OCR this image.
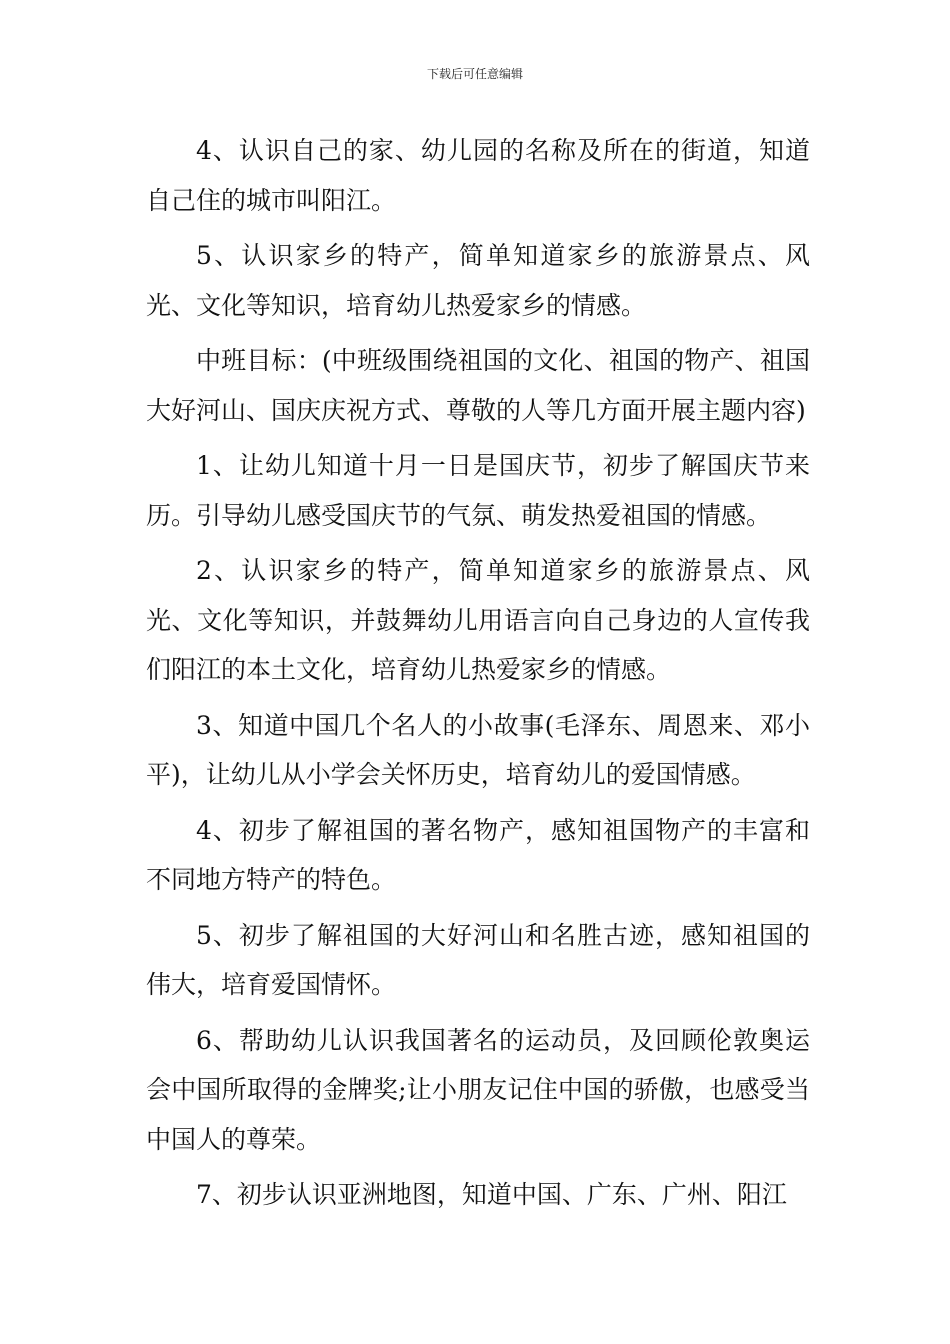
下载后可任意编辑

4、认识自己的家、幼儿园的名称及所在的街道，知道自己住的城市叫阳江。

5、认识家乡的特产，简单知道家乡的旅游景点、风光、文化等知识，培育幼儿热爱家乡的情感。

中班目标：(中班级围绕祖国的文化、祖国的物产、祖国大好河山、国庆庆祝方式、尊敬的人等几方面开展主题内容)

1、让幼儿知道十月一日是国庆节，初步了解国庆节来历。引导幼儿感受国庆节的气氛、萌发热爱祖国的情感。

2、认识家乡的特产，简单知道家乡的旅游景点、风光、文化等知识，并鼓舞幼儿用语言向自己身边的人宣传我们阳江的本土文化，培育幼儿热爱家乡的情感。

3、知道中国几个名人的小故事(毛泽东、周恩来、邓小平)，让幼儿从小学会关怀历史，培育幼儿的爱国情感。

4、初步了解祖国的著名物产，感知祖国物产的丰富和不同地方特产的特色。

5、初步了解祖国的大好河山和名胜古迹，感知祖国的伟大，培育爱国情怀。

6、帮助幼儿认识我国著名的运动员，及回顾伦敦奥运会中国所取得的金牌奖;让小朋友记住中国的骄傲，也感受当中国人的尊荣。

7、初步认识亚洲地图，知道中国、广东、广州、阳江
